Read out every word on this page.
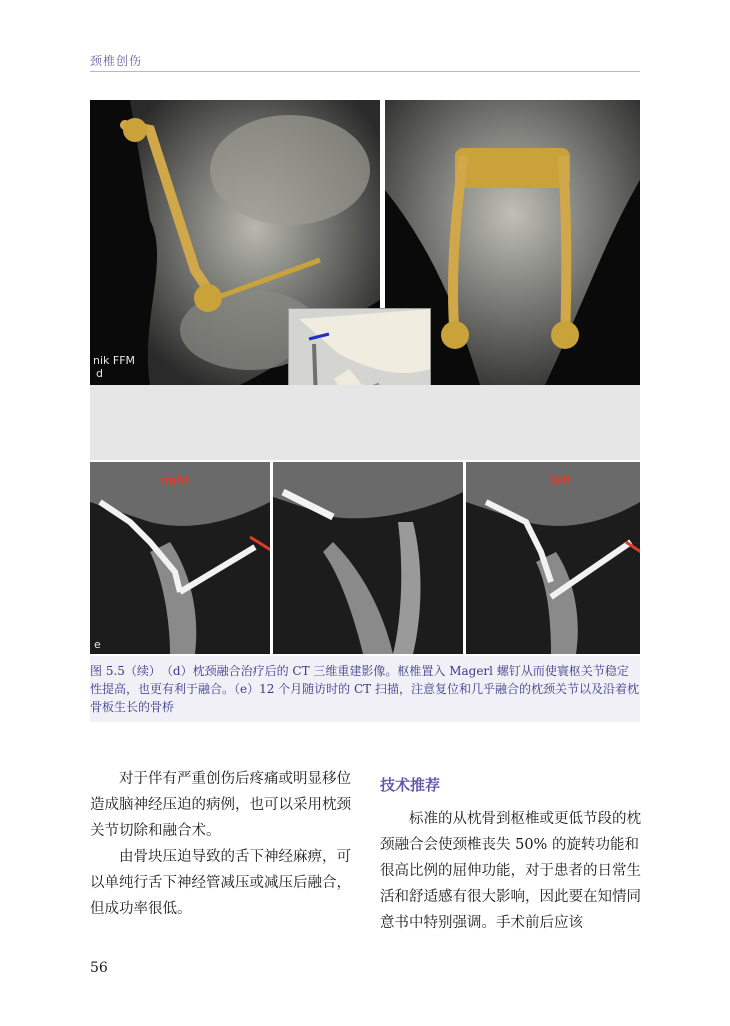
颈椎创伤
nik FFM
d
right
e
left
图 5.5（续）　（d）枕颈融合治疗后的 CT 三维重建影像。枢椎置入 Magerl 螺钉从而使寰枢关节稳定性提高，也更有利于融合。（e）12 个月随访时的 CT 扫描，注意复位和几乎融合的枕颈关节以及沿着枕骨板生长的骨桥

对于伴有严重创伤后疼痛或明显移位造成脑神经压迫的病例，也可以采用枕颈关节切除和融合术。

由骨块压迫导致的舌下神经麻痹，可以单纯行舌下神经管减压或减压后融合，但成功率很低。

技术推荐

标准的从枕骨到枢椎或更低节段的枕颈融合会使颈椎丧失 50% 的旋转功能和很高比例的屈伸功能，对于患者的日常生活和舒适感有很大影响，因此要在知情同意书中特别强调。手术前后应该

56
